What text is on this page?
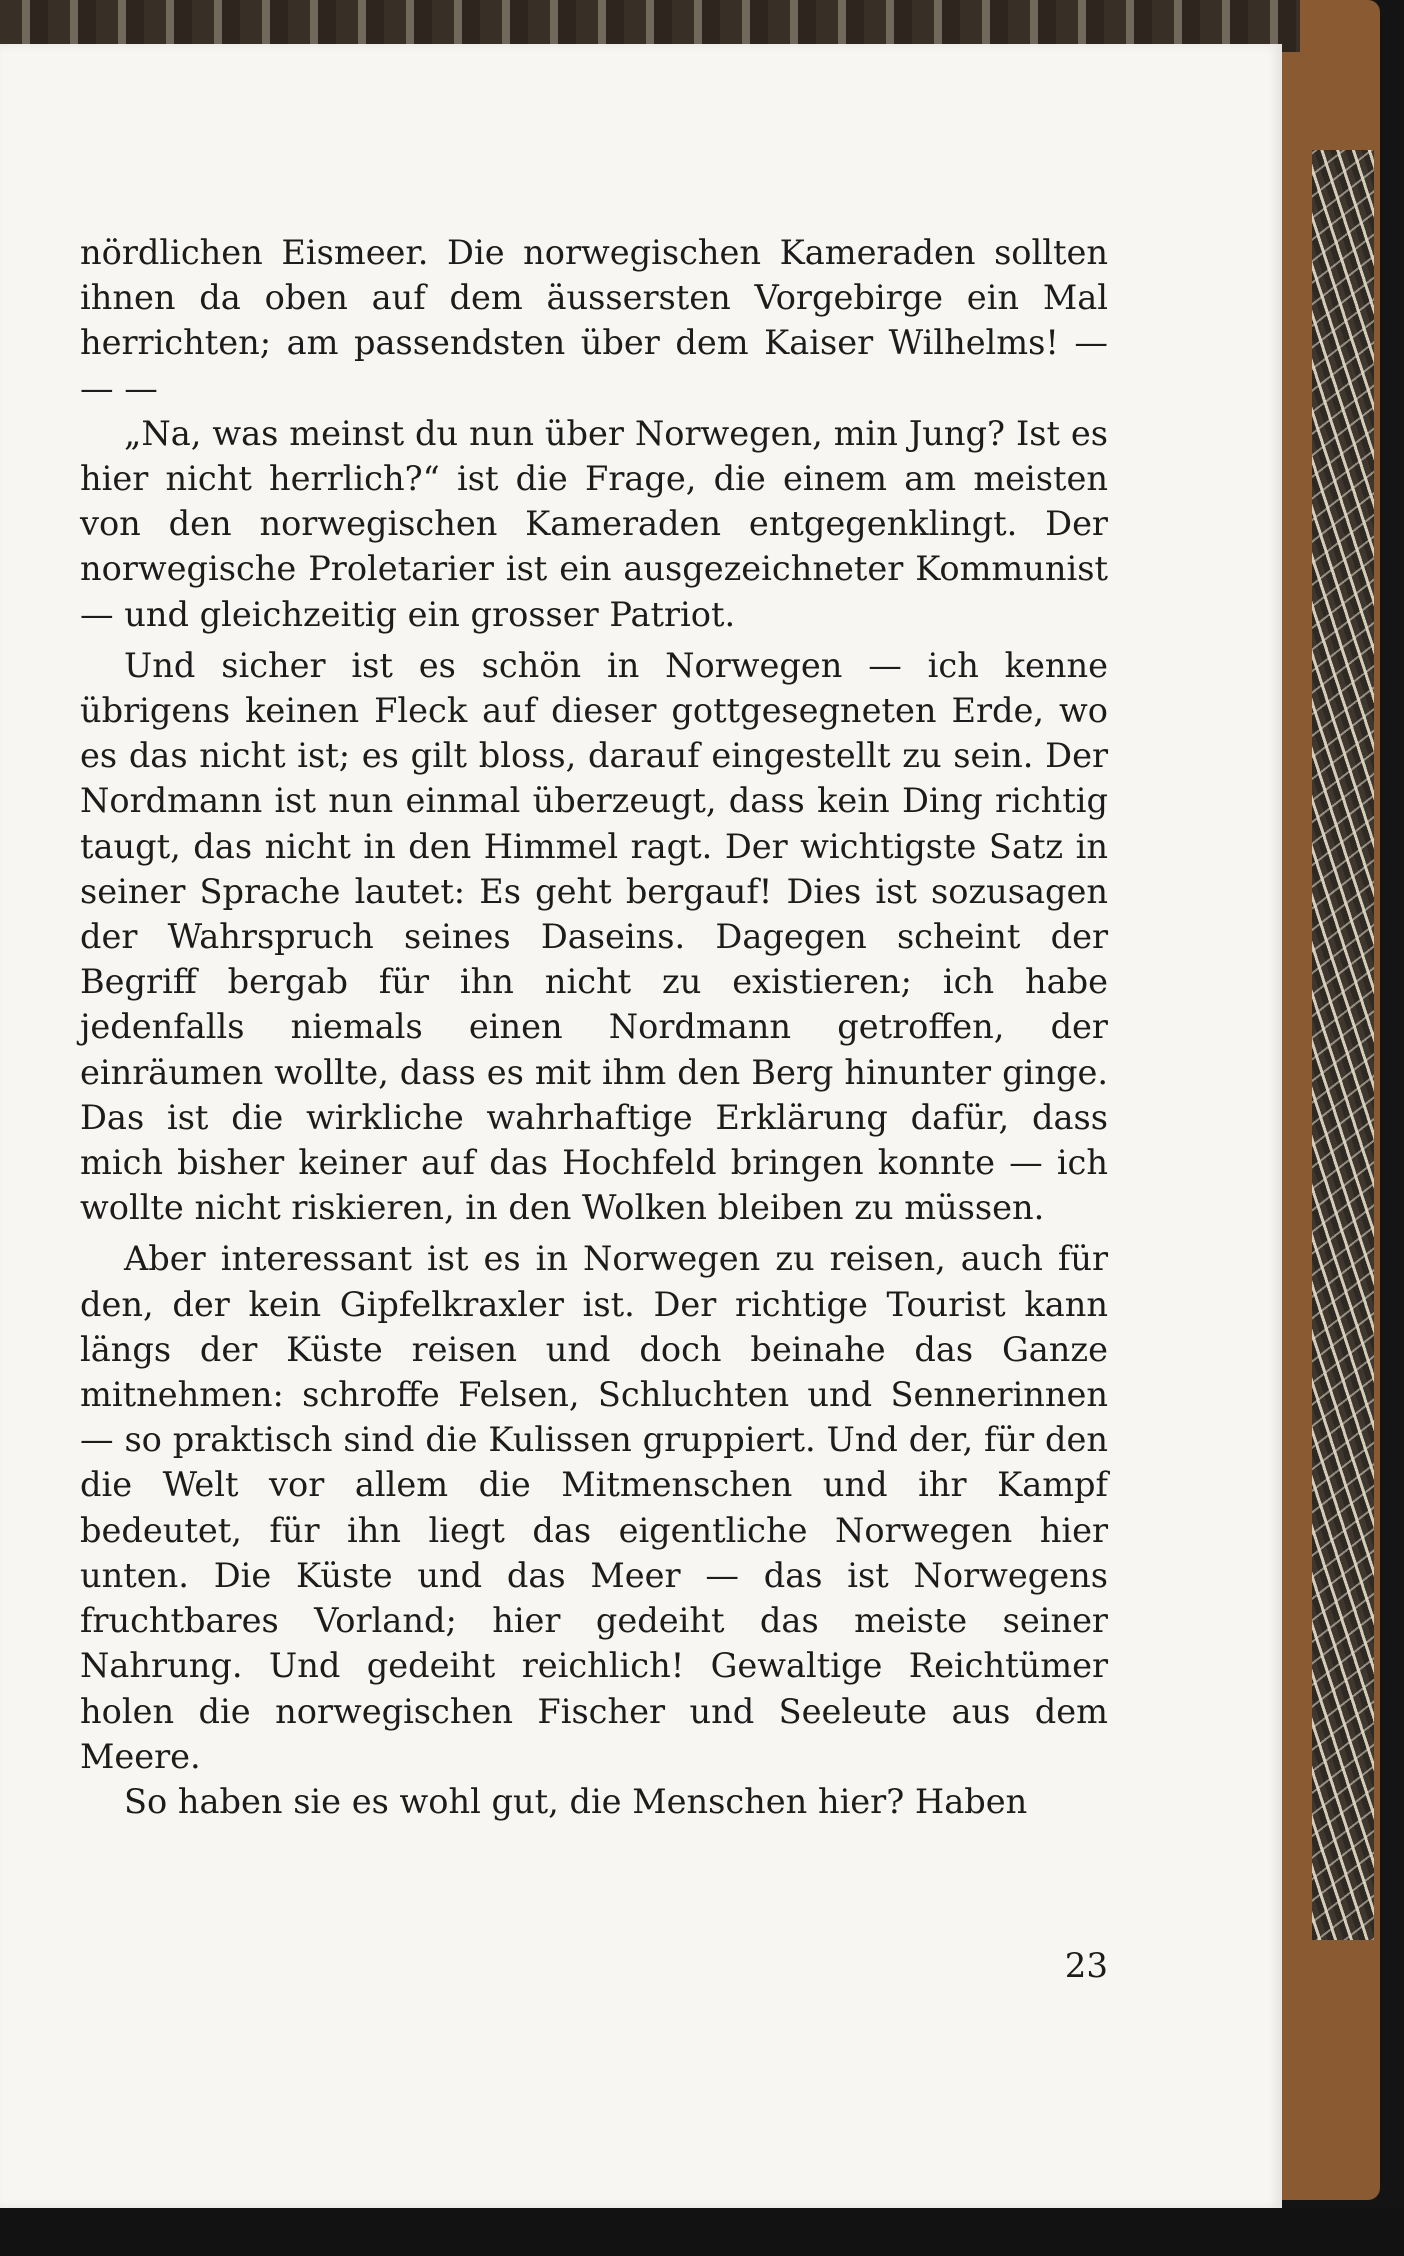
nördlichen Eismeer. Die norwegischen Kameraden sollten ihnen da oben auf dem äussersten Vorgebirge ein Mal herrichten; am passendsten über dem Kaiser Wilhelms! — — —

„Na, was meinst du nun über Norwegen, min Jung? Ist es hier nicht herrlich?“ ist die Frage, die einem am meisten von den norwegischen Kameraden entgegenklingt. Der norwegische Proletarier ist ein ausgezeichneter Kommunist — und gleichzeitig ein grosser Patriot.

Und sicher ist es schön in Norwegen — ich kenne übrigens keinen Fleck auf dieser gottgesegneten Erde, wo es das nicht ist; es gilt bloss, darauf eingestellt zu sein. Der Nordmann ist nun einmal überzeugt, dass kein Ding richtig taugt, das nicht in den Himmel ragt. Der wichtigste Satz in seiner Sprache lautet: Es geht bergauf! Dies ist sozusagen der Wahrspruch seines Daseins. Dagegen scheint der Begriff bergab für ihn nicht zu existieren; ich habe jedenfalls niemals einen Nordmann getroffen, der einräumen wollte, dass es mit ihm den Berg hinunter ginge. Das ist die wirkliche wahrhaftige Erklärung dafür, dass mich bisher keiner auf das Hochfeld bringen konnte — ich wollte nicht riskieren, in den Wolken bleiben zu müssen.

Aber interessant ist es in Norwegen zu reisen, auch für den, der kein Gipfelkraxler ist. Der richtige Tourist kann längs der Küste reisen und doch beinahe das Ganze mitnehmen: schroffe Felsen, Schluchten und Sennerinnen — so praktisch sind die Kulissen gruppiert. Und der, für den die Welt vor allem die Mitmenschen und ihr Kampf bedeutet, für ihn liegt das eigentliche Norwegen hier unten. Die Küste und das Meer — das ist Norwegens fruchtbares Vorland; hier gedeiht das meiste seiner Nahrung. Und gedeiht reichlich! Gewaltige Reichtümer holen die norwegischen Fischer und Seeleute aus dem Meere.

So haben sie es wohl gut, die Menschen hier? Haben

23
